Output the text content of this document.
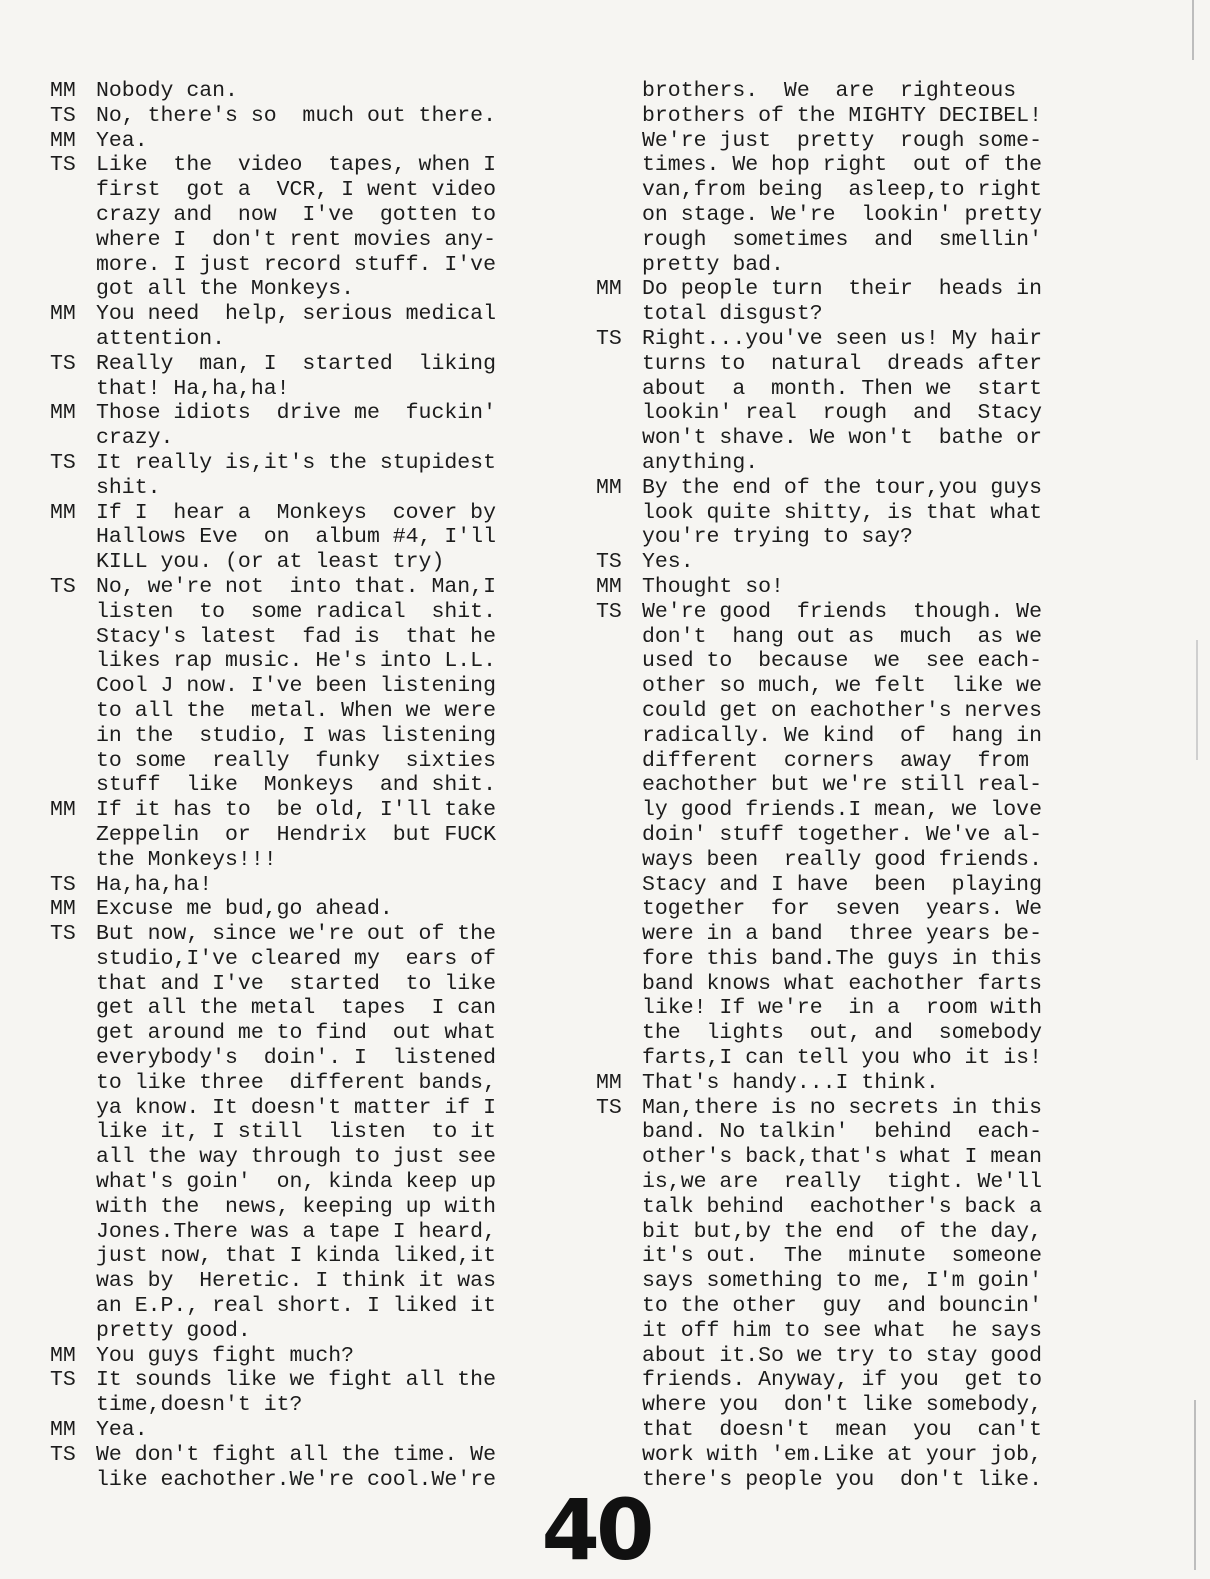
MM Nobody can.
TS No, there's so  much out there.
MM Yea.
TS Like  the  video  tapes, when I
first  got a  VCR, I went video
crazy and  now  I've  gotten to
where I  don't rent movies any-
more. I just record stuff. I've
got all the Monkeys.
MM You need  help, serious medical
attention.
TS Really  man, I  started  liking
that! Ha,ha,ha!
MM Those idiots  drive me  fuckin'
crazy.
TS It really is,it's the stupidest
shit.
MM If I  hear a  Monkeys  cover by
Hallows Eve  on  album #4, I'll
KILL you. (or at least try)
TS No, we're not  into that. Man,I
listen  to  some radical  shit.
Stacy's latest  fad is  that he
likes rap music. He's into L.L.
Cool J now. I've been listening
to all the  metal. When we were
in the  studio, I was listening
to some  really  funky  sixties
stuff  like  Monkeys  and shit.
MM If it has to  be old, I'll take
Zeppelin  or  Hendrix  but FUCK
the Monkeys!!!
TS Ha,ha,ha!
MM Excuse me bud,go ahead.
TS But now, since we're out of the
studio,I've cleared my  ears of
that and I've  started  to like
get all the metal  tapes  I can
get around me to find  out what
everybody's  doin'. I  listened
to like three  different bands,
ya know. It doesn't matter if I
like it, I still  listen  to it
all the way through to just see
what's goin'  on, kinda keep up
with the  news, keeping up with
Jones.There was a tape I heard,
just now, that I kinda liked,it
was by  Heretic. I think it was
an E.P., real short. I liked it
pretty good.
MM You guys fight much?
TS It sounds like we fight all the
time,doesn't it?
MM Yea.
TS We don't fight all the time. We
like eachother.We're cool.We're
brothers.  We  are  righteous
brothers of the MIGHTY DECIBEL!
We're just  pretty  rough some-
times. We hop right  out of the
van,from being  asleep,to right
on stage. We're  lookin' pretty
rough  sometimes  and  smellin'
pretty bad.
MM Do people turn  their  heads in
total disgust?
TS Right...you've seen us! My hair
turns to  natural  dreads after
about  a  month. Then we  start
lookin' real  rough  and  Stacy
won't shave. We won't  bathe or
anything.
MM By the end of the tour,you guys
look quite shitty, is that what
you're trying to say?
TS Yes.
MM Thought so!
TS We're good  friends  though. We
don't  hang out as  much  as we
used to  because  we  see each-
other so much, we felt  like we
could get on eachother's nerves
radically. We kind  of  hang in
different  corners  away  from
eachother but we're still real-
ly good friends.I mean, we love
doin' stuff together. We've al-
ways been  really good friends.
Stacy and I have  been  playing
together  for  seven  years. We
were in a band  three years be-
fore this band.The guys in this
band knows what eachother farts
like! If we're  in a  room with
the  lights  out, and  somebody
farts,I can tell you who it is!
MM That's handy...I think.
TS Man,there is no secrets in this
band. No talkin'  behind  each-
other's back,that's what I mean
is,we are  really  tight. We'll
talk behind  eachother's back a
bit but,by the end  of the day,
it's out.  The  minute  someone
says something to me, I'm goin'
to the other  guy  and bouncin'
it off him to see what  he says
about it.So we try to stay good
friends. Anyway, if you  get to
where you  don't like somebody,
that  doesn't  mean  you  can't
work with 'em.Like at your job,
there's people you  don't like.
40
